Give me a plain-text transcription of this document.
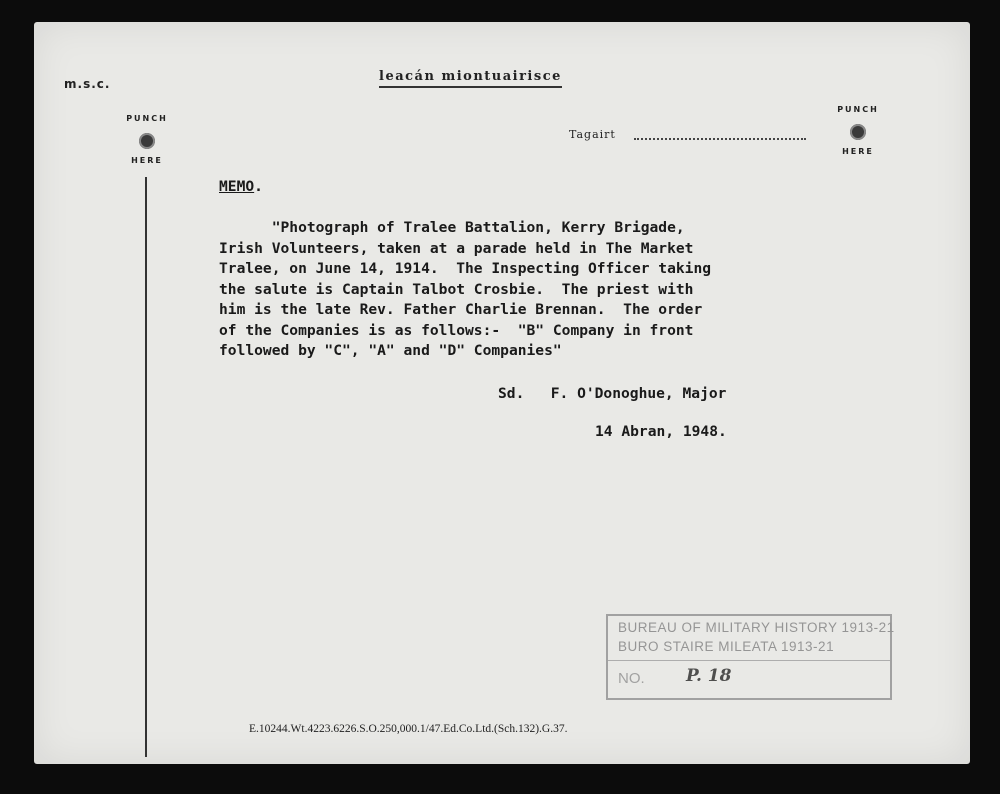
m.s.c.	leacán miontuairisce
Tagairt
PUNCH
HERE
PUNCH
HERE
MEMO.

"Photograph of Tralee Battalion, Kerry Brigade,
Irish Volunteers, taken at a parade held in The Market
Tralee, on June 14, 1914.  The Inspecting Officer taking
the salute is Captain Talbot Crosbie.  The priest with
him is the late Rev. Father Charlie Brennan.  The order
of the Companies is as follows:-  "B" Company in front
followed by "C", "A" and "D" Companies"

Sd.   F. O'Donoghue, Major
14 Abran, 1948.
BUREAU OF MILITARY HISTORY 1913-21
BURO STAIRE MILEATA 1913-21
NO. P. 18
E.10244.Wt.4223.6226.S.O.250,000.1/47.Ed.Co.Ltd.(Sch.132).G.37.
